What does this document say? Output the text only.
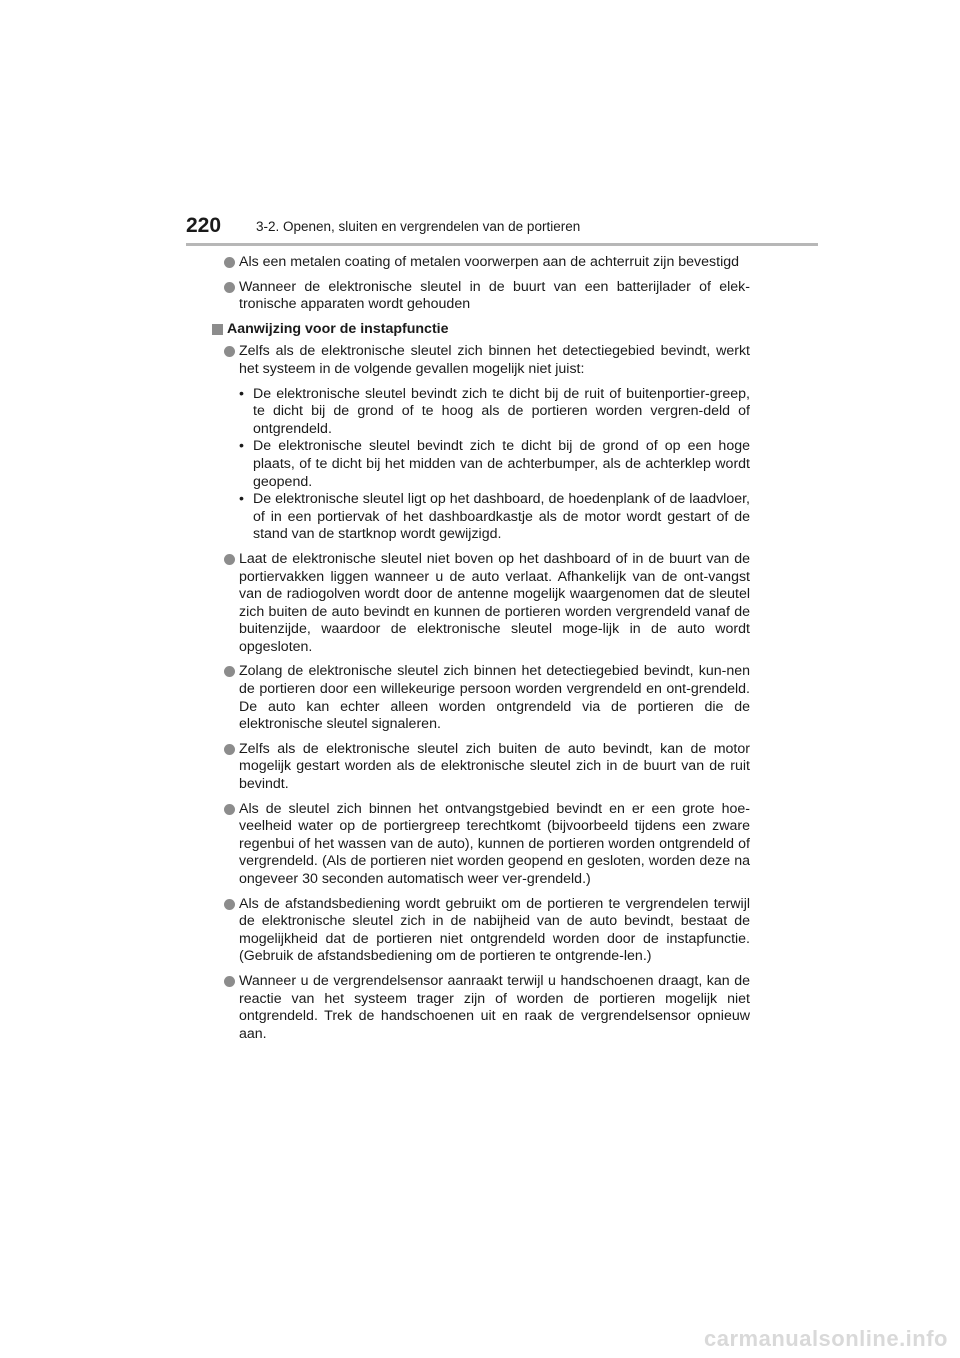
220	3-2. Openen, sluiten en vergrendelen van de portieren
Als een metalen coating of metalen voorwerpen aan de achterruit zijn bevestigd
Wanneer de elektronische sleutel in de buurt van een batterijlader of elek-tronische apparaten wordt gehouden
Aanwijzing voor de instapfunctie
Zelfs als de elektronische sleutel zich binnen het detectiegebied bevindt, werkt het systeem in de volgende gevallen mogelijk niet juist:
• De elektronische sleutel bevindt zich te dicht bij de ruit of buitenportier-greep, te dicht bij de grond of te hoog als de portieren worden vergren-deld of ontgrendeld.
• De elektronische sleutel bevindt zich te dicht bij de grond of op een hoge plaats, of te dicht bij het midden van de achterbumper, als de achterklep wordt geopend.
• De elektronische sleutel ligt op het dashboard, de hoedenplank of de laadvloer, of in een portiervak of het dashboardkastje als de motor wordt gestart of de stand van de startknop wordt gewijzigd.
Laat de elektronische sleutel niet boven op het dashboard of in de buurt van de portiervakken liggen wanneer u de auto verlaat. Afhankelijk van de ont-vangst van de radiogolven wordt door de antenne mogelijk waargenomen dat de sleutel zich buiten de auto bevindt en kunnen de portieren worden vergrendeld vanaf de buitenzijde, waardoor de elektronische sleutel moge-lijk in de auto wordt opgesloten.
Zolang de elektronische sleutel zich binnen het detectiegebied bevindt, kun-nen de portieren door een willekeurige persoon worden vergrendeld en ont-grendeld. De auto kan echter alleen worden ontgrendeld via de portieren die de elektronische sleutel signaleren.
Zelfs als de elektronische sleutel zich buiten de auto bevindt, kan de motor mogelijk gestart worden als de elektronische sleutel zich in de buurt van de ruit bevindt.
Als de sleutel zich binnen het ontvangstgebied bevindt en er een grote hoe-veelheid water op de portiergreep terechtkomt (bijvoorbeeld tijdens een zware regenbui of het wassen van de auto), kunnen de portieren worden ontgrendeld of vergrendeld. (Als de portieren niet worden geopend en gesloten, worden deze na ongeveer 30 seconden automatisch weer ver-grendeld.)
Als de afstandsbediening wordt gebruikt om de portieren te vergrendelen terwijl de elektronische sleutel zich in de nabijheid van de auto bevindt, bestaat de mogelijkheid dat de portieren niet ontgrendeld worden door de instapfunctie. (Gebruik de afstandsbediening om de portieren te ontgrende-len.)
Wanneer u de vergrendelsensor aanraakt terwijl u handschoenen draagt, kan de reactie van het systeem trager zijn of worden de portieren mogelijk niet ontgrendeld. Trek de handschoenen uit en raak de vergrendelsensor opnieuw aan.
carmanualsonline.info
